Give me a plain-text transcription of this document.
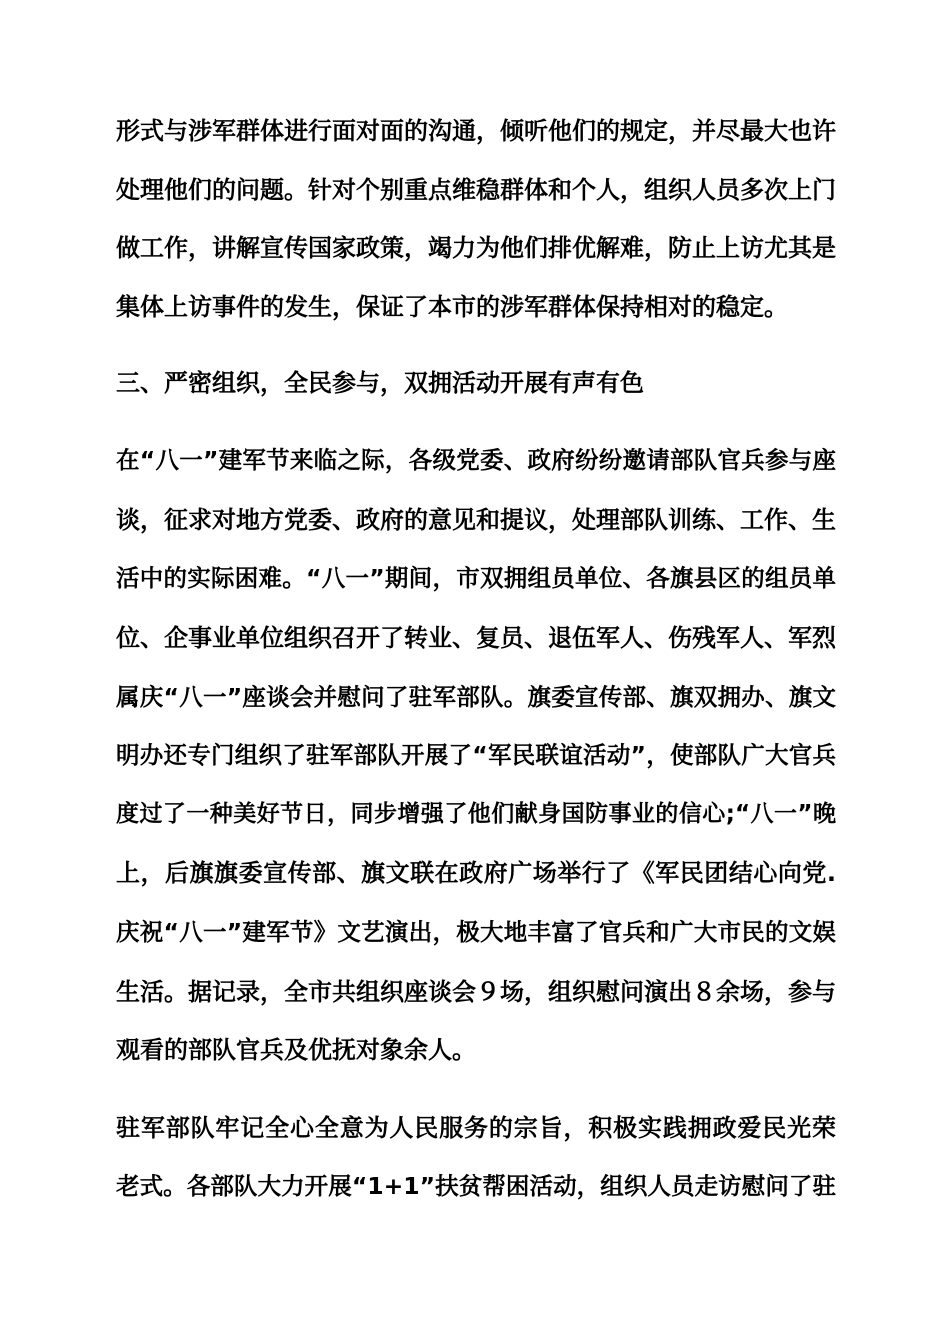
形式与涉军群体进行面对面的沟通，倾听他们的规定，并尽最大也许
处理他们的问题。针对个别重点维稳群体和个人，组织人员多次上门
做工作，讲解宣传国家政策，竭力为他们排优解难，防止上访尤其是
集体上访事件的发生，保证了本市的涉军群体保持相对的稳定。
三、严密组织，全民参与，双拥活动开展有声有色
在“八一”建军节来临之际，各级党委、政府纷纷邀请部队官兵参与座
谈，征求对地方党委、政府的意见和提议，处理部队训练、工作、生
活中的实际困难。“八一”期间，市双拥组员单位、各旗县区的组员单
位、企事业单位组织召开了转业、复员、退伍军人、伤残军人、军烈
属庆“八一”座谈会并慰问了驻军部队。旗委宣传部、旗双拥办、旗文
明办还专门组织了驻军部队开展了“军民联谊活动”，使部队广大官兵
度过了一种美好节日，同步增强了他们献身国防事业的信心;“八一”晚
上，后旗旗委宣传部、旗文联在政府广场举行了《军民团结心向党.
庆祝“八一”建军节》文艺演出，极大地丰富了官兵和广大市民的文娱
生活。据记录，全市共组织座谈会９场，组织慰问演出８余场，参与
观看的部队官兵及优抚对象余人。
驻军部队牢记全心全意为人民服务的宗旨，积极实践拥政爱民光荣
老式。各部队大力开展“1+1”扶贫帮困活动，组织人员走访慰问了驻
